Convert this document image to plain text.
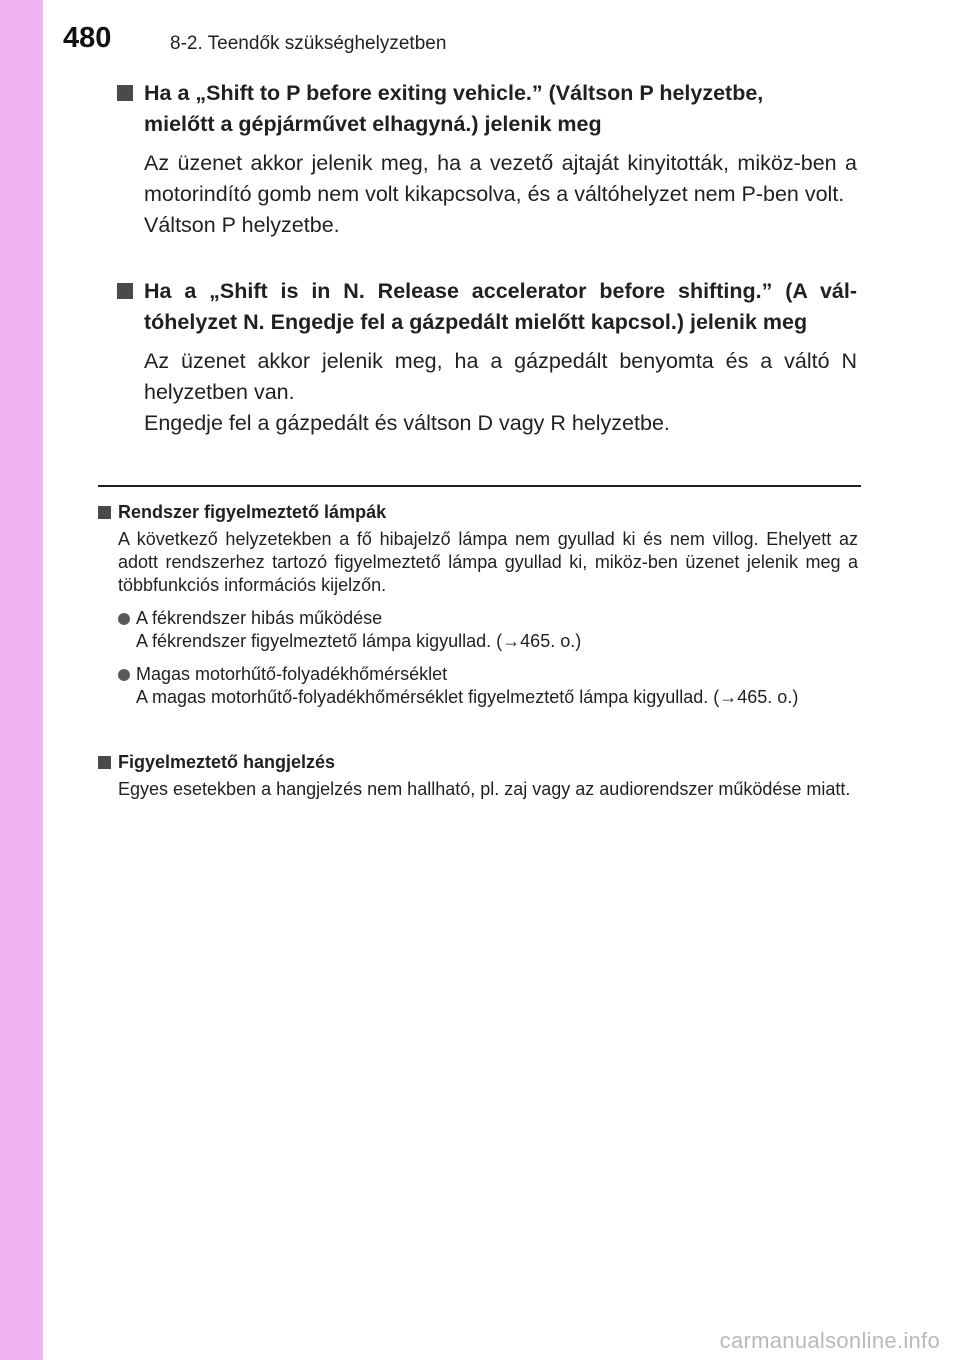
480	8-2. Teendők szükséghelyzetben
Ha a „Shift to P before exiting vehicle.” (Váltson P helyzetbe,
mielőtt a gépjárművet elhagyná.) jelenik meg

Az üzenet akkor jelenik meg, ha a vezető ajtaját kinyitották, miköz-ben a motorindító gomb nem volt kikapcsolva, és a váltóhelyzet nem P-ben volt.

Váltson P helyzetbe.

Ha a „Shift is in N. Release accelerator before shifting.” (A vál-tóhelyzet N. Engedje fel a gázpedált mielőtt kapcsol.) jelenik meg

Az üzenet akkor jelenik meg, ha a gázpedált benyomta és a váltó N helyzetben van.

Engedje fel a gázpedált és váltson D vagy R helyzetbe.

Rendszer figyelmeztető lámpák

A következő helyzetekben a fő hibajelző lámpa nem gyullad ki és nem villog. Ehelyett az adott rendszerhez tartozó figyelmeztető lámpa gyullad ki, miköz-ben üzenet jelenik meg a többfunkciós információs kijelzőn.

A fékrendszer hibás működése

A fékrendszer figyelmeztető lámpa kigyullad. (→465. o.)

Magas motorhűtő-folyadékhőmérséklet

A magas motorhűtő-folyadékhőmérséklet figyelmeztető lámpa kigyullad. (→465. o.)

Figyelmeztető hangjelzés

Egyes esetekben a hangjelzés nem hallható, pl. zaj vagy az audiorendszer működése miatt.

carmanualsonline.info
